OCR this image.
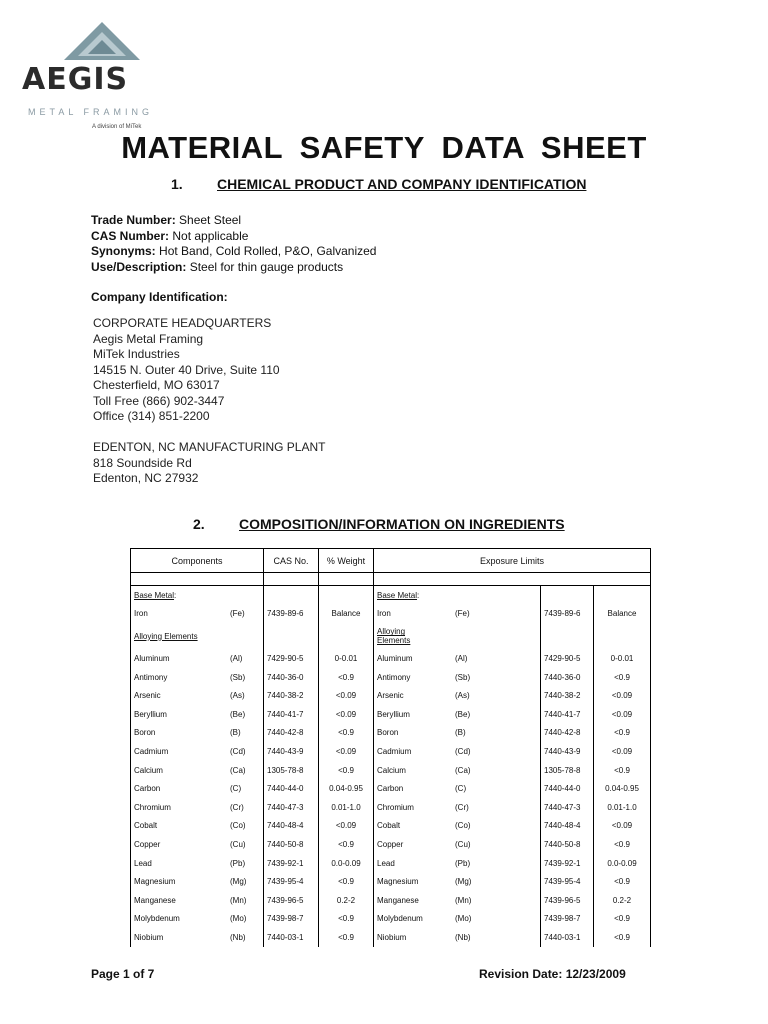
AEGIS
METAL FRAMING
A division of MiTek
MATERIAL SAFETY DATA SHEET
1. CHEMICAL PRODUCT AND COMPANY IDENTIFICATION
Trade Number: Sheet Steel
CAS Number: Not applicable
Synonyms: Hot Band, Cold Rolled, P&O, Galvanized
Use/Description: Steel for thin gauge products
Company Identification:
CORPORATE HEADQUARTERS
Aegis Metal Framing
MiTek Industries
14515 N. Outer 40 Drive, Suite 110
Chesterfield, MO 63017
Toll Free (866) 902-3447
Office (314) 851-2200
EDENTON, NC MANUFACTURING PLANT
818 Soundside Rd
Edenton, NC 27932
2. COMPOSITION/INFORMATION ON INGREDIENTS
Components		CAS No.	% Weight	Exposure Limits			

Base Metal:				Base Metal:			
Iron	(Fe)	7439-89-6	Balance	Iron	(Fe)	7439-89-6	Balance
Alloying Elements				Alloying
Elements			
Aluminum	(Al)	7429-90-5	0-0.01	Aluminum	(Al)	7429-90-5	0-0.01
Antimony	(Sb)	7440-36-0	<0.9	Antimony	(Sb)	7440-36-0	<0.9
Arsenic	(As)	7440-38-2	<0.09	Arsenic	(As)	7440-38-2	<0.09
Beryllium	(Be)	7440-41-7	<0.09	Beryllium	(Be)	7440-41-7	<0.09
Boron	(B)	7440-42-8	<0.9	Boron	(B)	7440-42-8	<0.9
Cadmium	(Cd)	7440-43-9	<0.09	Cadmium	(Cd)	7440-43-9	<0.09
Calcium	(Ca)	1305-78-8	<0.9	Calcium	(Ca)	1305-78-8	<0.9
Carbon	(C)	7440-44-0	0.04-0.95	Carbon	(C)	7440-44-0	0.04-0.95
Chromium	(Cr)	7440-47-3	0.01-1.0	Chromium	(Cr)	7440-47-3	0.01-1.0
Cobalt	(Co)	7440-48-4	<0.09	Cobalt	(Co)	7440-48-4	<0.09
Copper	(Cu)	7440-50-8	<0.9	Copper	(Cu)	7440-50-8	<0.9
Lead	(Pb)	7439-92-1	0.0-0.09	Lead	(Pb)	7439-92-1	0.0-0.09
Magnesium	(Mg)	7439-95-4	<0.9	Magnesium	(Mg)	7439-95-4	<0.9
Manganese	(Mn)	7439-96-5	0.2-2	Manganese	(Mn)	7439-96-5	0.2-2
Molybdenum	(Mo)	7439-98-7	<0.9	Molybdenum	(Mo)	7439-98-7	<0.9
Niobium	(Nb)	7440-03-1	<0.9	Niobium	(Nb)	7440-03-1	<0.9
Page 1 of 7	Revision Date: 12/23/2009
